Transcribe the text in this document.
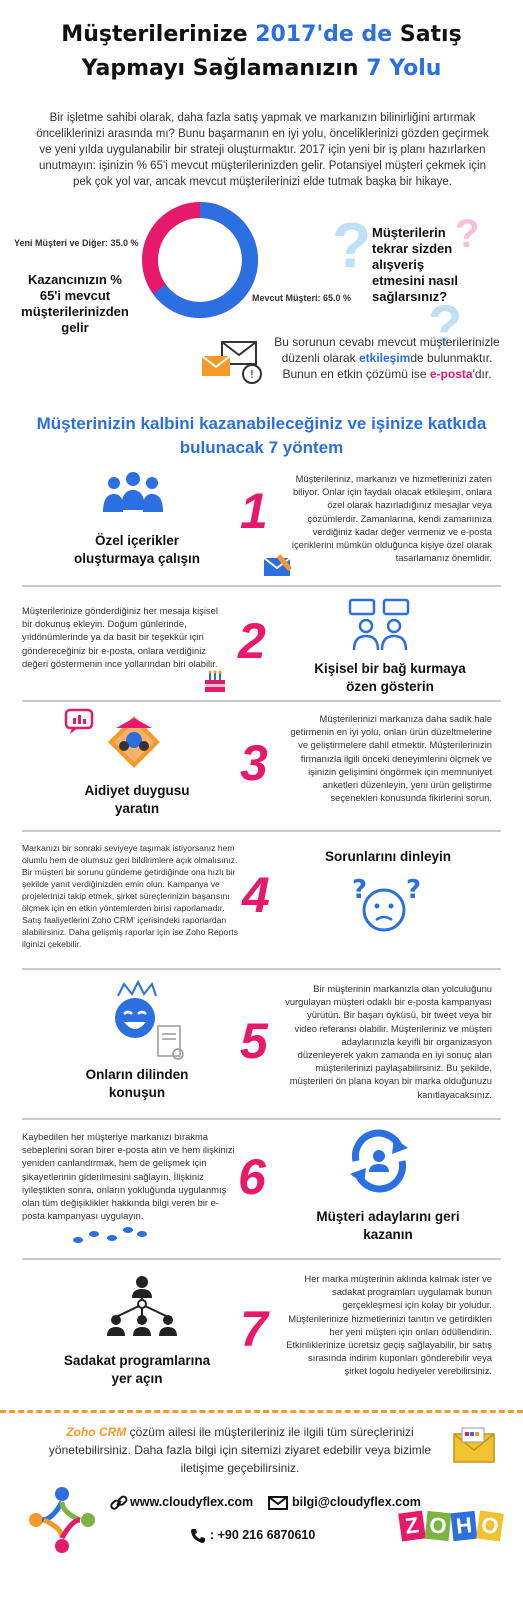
Müşterilerinize 2017'de de Satış
Yapmayı Sağlamanızın 7 Yolu
Bir işletme sahibi olarak, daha fazla satış yapmak ve markanızın bilinirliğini artırmak önceliklerinizi arasında mı? Bunu başarmanın en iyi yolu, önceliklerinizi gözden geçirmek ve yeni yılda uygulanabilir bir strateji oluşturmaktır. 2017 için yeni bir iş planı hazırlarken unutmayın: işinizin % 65'i mevcut müşterilerinizden gelir. Potansiyel müşteri çekmek için pek çok yol var, ancak mevcut müşterilerinizi elde tutmak başka bir hikaye.
Yeni Müşteri ve Diğer: 35.0 %
Mevcut Müşteri: 65.0 %
Kazancınızın % 65'i mevcut müşterilerinizden gelir
? ?
?
Müşterilerin tekrar sizden alışveriş etmesini nasıl sağlarsınız?
!
Bu sorunun cevabı mevcut müşterilerinizle düzenli olarak etkileşimde bulunmaktır. Bunun en etkin çözümü ise e-posta'dır.
Müşterinizin kalbini kazanabileceğiniz ve işinize katkıda bulunacak 7 yöntem
Özel içerikler oluşturmaya çalışın
1
Müşterileriniz, markanızı ve hizmetlerinizi zaten biliyor. Onlar için faydalı olacak etkileşim, onlara özel olarak hazırladığınız mesajlar veya çözümlerdir. Zamanlarına, kendi zamanınıza verdiğiniz kadar değer vermeniz ve e-posta içeriklerini mümkün olduğunca kişiye özel olarak tasarlamanız önemlidir.
Müşterilerinize gönderdiğiniz her mesaja kişisel bir dokunuş ekleyin. Doğum günlerinde, yıldönümlerinde ya da basit bir teşekkür için göndereceğiniz bir e-posta, onlara verdiğiniz değeri göstermenin ince yollarından biri olabilir. 2	Kişisel bir bağ kurmaya özen gösterin
Aidiyet duygusu yaratın
3
Müşterilerinizi markanıza daha sadık hale getirmenin en iyi yolu, onları ürün düzeltmelerine ve geliştirmelere dahil etmektir. Müşterilerinizin firmanızla ilgili önceki deneyimlerini ölçmek ve işinizin gelişimini öngörmek için memnuniyet anketleri düzenleyin, yeni ürün geliştirme seçenekleri konusunda fikirlerini sorun.
Markanızı bir sonraki seviyeye taşımak istiyorsanız hem olumlu hem de olumsuz geri bildirimlere açık olmalısınız. Bir müşteri bir sorunu gündeme getirdiğinde ona hızlı bir şekilde yanıt verdiğinizden emin olun. Kampanya ve projelerinizi takip etmek, şirket süreçlerinizin başarısını ölçmek için en etkin yöntemlerden birisi raporlamadır. Satış faaliyetlerini Zoho CRM' içerisindeki raporlardan alabilirsiniz. Daha gelişmiş raporlar için ise Zoho Reports ilginizi çekebilir.
4
Sorunlarını dinleyin
? ?
Onların dilinden konuşun
5
Bir müşterinin markanızla olan yolculuğunu vurgulayan müşteri odaklı bir e-posta kampanyası yürütün. Bir başarı öyküsü, bir tweet veya bir video referansı olabilir. Müşterileriniz ve müşteri adaylarınızla keyifli bir organizasyon düzenleyerek yakın zamanda en iyi sonuç alan müşterilerinizi paylaşabilirsiniz. Bu şekilde, müşterileri ön plana koyan bir marka olduğunuzu kanıtlayacaksınız.
Kaybedilen her müşteriye markanızı bırakma sebeplerini soran birer e-posta atın ve hem ilişkinizi yeniden canlandırmak, hem de gelişmek için şikayetlerinin giderilmesini sağlayın. İlişkiniz iyileştikten sonra, onların yokluğunda uygulanmış olan tüm değişiklikler hakkında bilgi veren bir e-posta kampanyası uygulayın.
6
Müşteri adaylarını geri kazanın
Sadakat programlarına yer açın
7
Her marka müşterinin aklında kalmak ister ve sadakat programları uygulamak bunun gerçekleşmesi için kolay bir yoludur. Müşterilerinize hizmetlerinizi tanıtın ve getirdikleri her yeni müşteri için onları ödüllendirin. Etkinliklerinize ücretsiz geçiş sağlayabilir, bir satış sırasında indirim kuponları gönderebilir veya şirket logolu hediyeler verebilirsiniz.
Zoho CRM çözüm ailesi ile müşterileriniz ile ilgili tüm süreçlerinizi yönetebilirsiniz. Daha fazla bilgi için sitemizi ziyaret edebilir veya bizimle iletişime geçebilirsiniz.
www.cloudyflex.com	bilgi@cloudyflex.com
: +90 216 6870610	Z O H O
